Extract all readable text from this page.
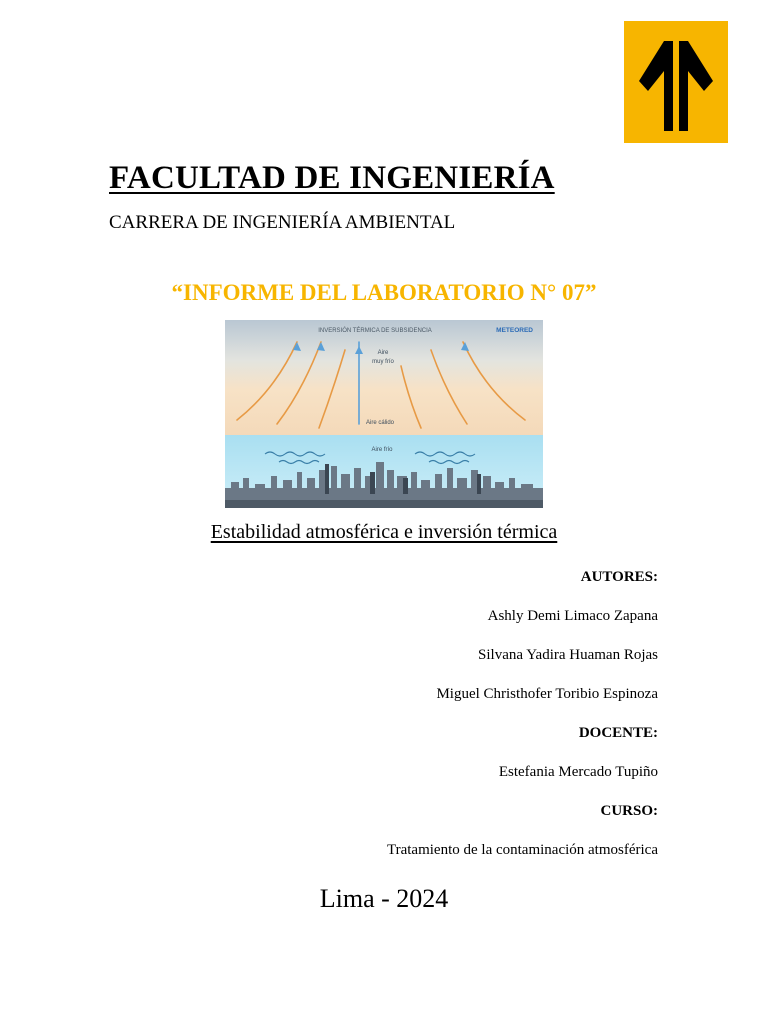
FACULTAD DE INGENIERÍA
CARRERA DE INGENIERÍA AMBIENTAL
“INFORME DEL LABORATORIO N° 07”
INVERSIÓN TÉRMICA DE SUBSIDENCIA	METEORED
Aire
muy frío
Aire cálido
Aire frío
Estabilidad atmosférica e inversión térmica
AUTORES:
Ashly Demi Limaco Zapana
Silvana Yadira Huaman Rojas
Miguel Christhofer Toribio Espinoza
DOCENTE:
Estefania Mercado Tupiño
CURSO:
Tratamiento de la contaminación atmosférica
Lima - 2024
